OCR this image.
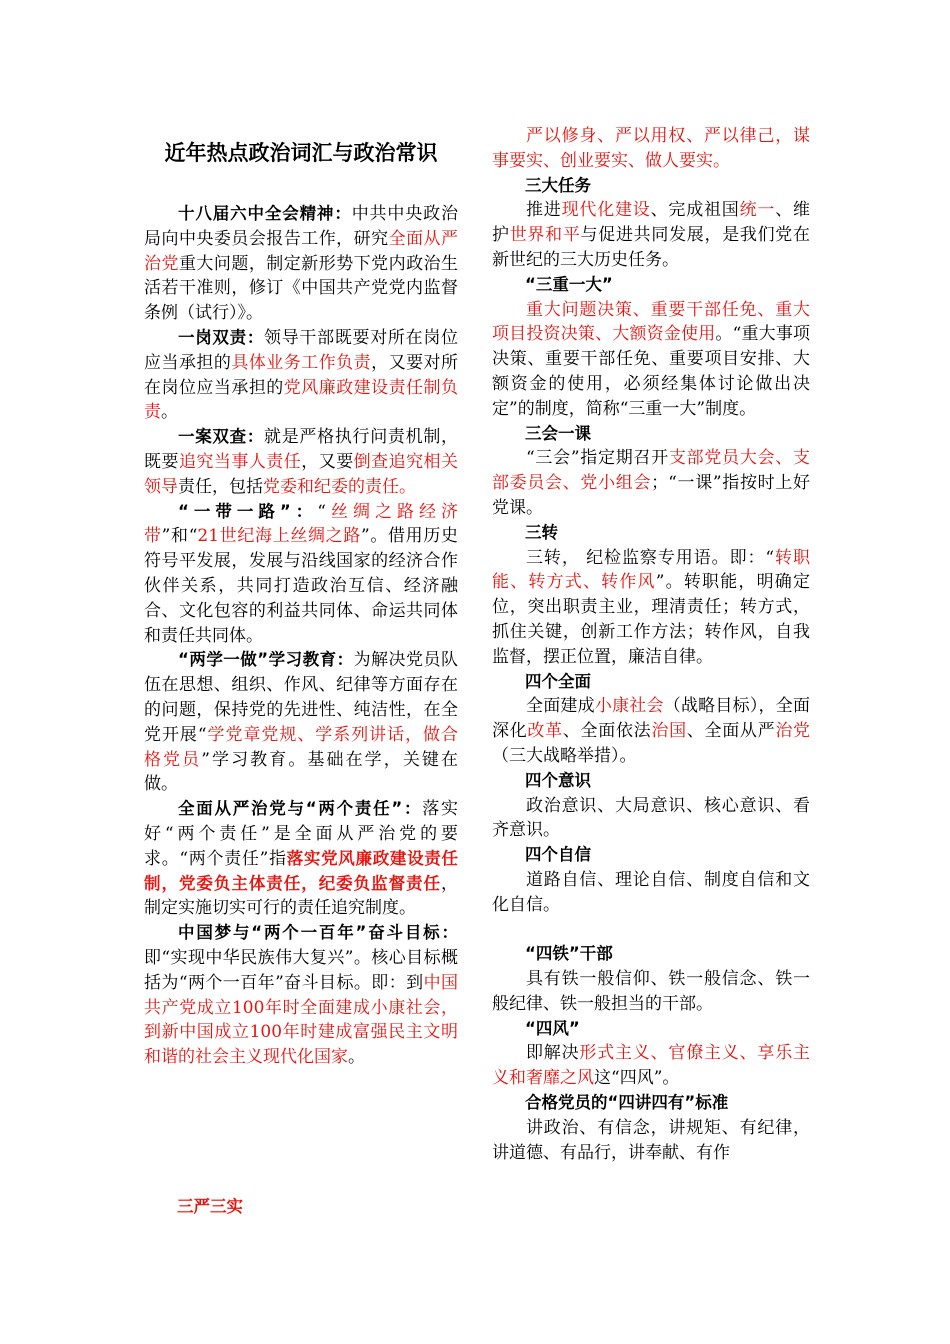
近年热点政治词汇与政治常识

十八届六中全会精神：中共中央政治局向中央委员会报告工作，研究全面从严治党重大问题，制定新形势下党内政治生活若干准则，修订《中国共产党党内监督条例（试行）》。

一岗双责：领导干部既要对所在岗位应当承担的具体业务工作负责，又要对所在岗位应当承担的党风廉政建设责任制负责。

一案双查：就是严格执行问责机制，既要追究当事人责任，又要倒查追究相关领导责任，包括党委和纪委的责任。

“一带一路”：“丝绸之路经济带”和“21世纪海上丝绸之路”。借用历史符号平发展，发展与沿线国家的经济合作伙伴关系，共同打造政治互信、经济融合、文化包容的利益共同体、命运共同体和责任共同体。

“两学一做”学习教育：为解决党员队伍在思想、组织、作风、纪律等方面存在的问题，保持党的先进性、纯洁性，在全党开展“学党章党规、学系列讲话，做合格党员”学习教育。基础在学，关键在做。

全面从严治党与“两个责任”：落实好“两个责任”是全面从严治党的要求。“两个责任”指落实党风廉政建设责任制，党委负主体责任，纪委负监督责任，制定实施切实可行的责任追究制度。

中国梦与“两个一百年”奋斗目标：即“实现中华民族伟大复兴”。核心目标概括为“两个一百年”奋斗目标。即：到中国共产党成立100年时全面建成小康社会，到新中国成立100年时建成富强民主文明和谐的社会主义现代化国家。

三严三实

严以修身、严以用权、严以律己，谋事要实、创业要实、做人要实。

三大任务

推进现代化建设、完成祖国统一、维护世界和平与促进共同发展，是我们党在新世纪的三大历史任务。

“三重一大”

重大问题决策、重要干部任免、重大项目投资决策、大额资金使用。“重大事项决策、重要干部任免、重要项目安排、大额资金的使用，必须经集体讨论做出决定”的制度，简称“三重一大”制度。

三会一课

“三会”指定期召开支部党员大会、支部委员会、党小组会；“一课”指按时上好党课。

三转

三转， 纪检监察专用语。即：“转职能、转方式、转作风”。转职能，明确定位，突出职责主业，理清责任；转方式，抓住关键，创新工作方法；转作风，自我监督，摆正位置，廉洁自律。

四个全面

全面建成小康社会（战略目标），全面深化改革、全面依法治国、全面从严治党（三大战略举措）。

四个意识

政治意识、大局意识、核心意识、看齐意识。

四个自信

道路自信、理论自信、制度自信和文化自信。

“四铁”干部

具有铁一般信仰、铁一般信念、铁一般纪律、铁一般担当的干部。

“四风”

即解决形式主义、官僚主义、享乐主义和奢靡之风这“四风”。

合格党员的“四讲四有”标准

讲政治、有信念，讲规矩、有纪律，讲道德、有品行，讲奉献、有作
